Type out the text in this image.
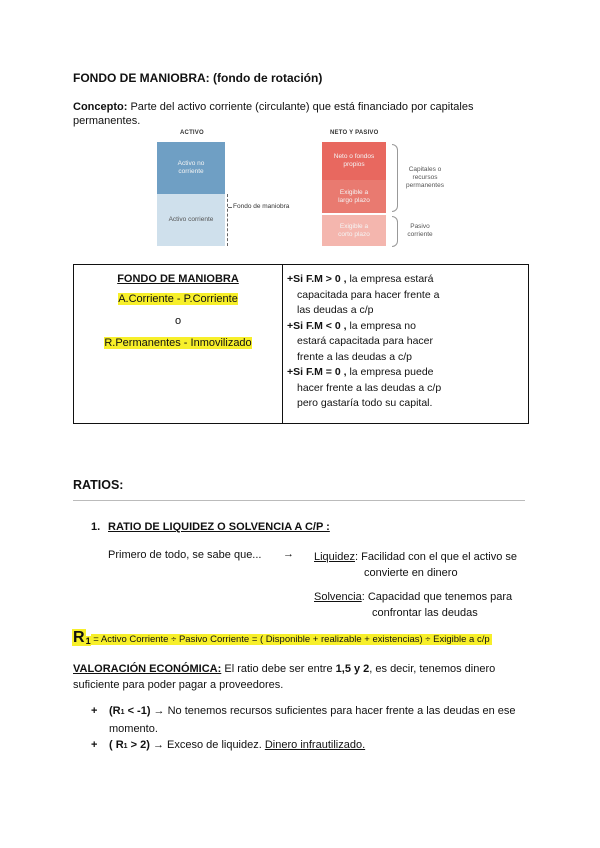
FONDO DE MANIOBRA: (fondo de rotación)
Concepto: Parte del activo corriente (circulante) que está financiado por capitales
permanentes.
ACTIVO	NETO Y PASIVO
Activo no corriente
Activo corriente
Fondo de maniobra
Neto o fondos propios
Exigible a largo plazo
Exigible a corto plazo
Capitales o recursos permanentes
Pasivo corriente
FONDO DE MANIOBRA
A.Corriente - P.Corriente
o
R.Permanentes - Inmovilizado
+Si F.M > 0 , la empresa estará
capacitada para hacer frente a
las deudas a c/p
+Si F.M < 0 , la empresa no
estará capacitada para hacer
frente a las deudas a c/p
+Si F.M = 0 , la empresa puede
hacer frente a las deudas a c/p
pero gastaría todo su capital.
RATIOS:
1. RATIO DE LIQUIDEZ O SOLVENCIA A C/P :
Primero de todo, se sabe que... → Liquidez: Facilidad con el que el activo se
convierte en dinero
Solvencia: Capacidad que tenemos para
confrontar las deudas
R1 = Activo Corriente ÷ Pasivo Corriente = ( Disponible + realizable + existencias) ÷ Exigible a c/p
VALORACIÓN ECONÓMICA: El ratio debe ser entre 1,5 y 2, es decir, tenemos dinero
suficiente para poder pagar a proveedores.
+	(R1 < -1) → No tenemos recursos suficientes para hacer frente a las deudas en ese
momento.
+	( R1 > 2) → Exceso de liquidez. Dinero infrautilizado.
